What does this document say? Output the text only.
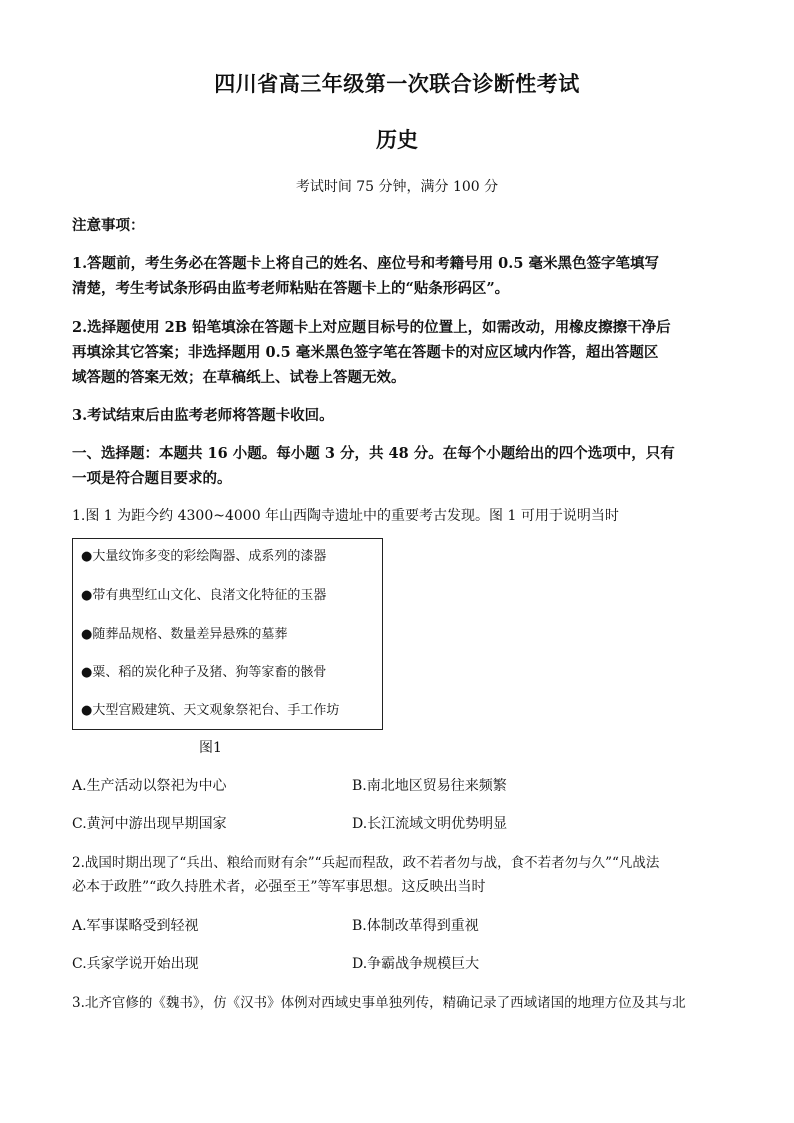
四川省高三年级第一次联合诊断性考试
历史
考试时间 75 分钟，满分 100 分
注意事项：
1.答题前，考生务必在答题卡上将自己的姓名、座位号和考籍号用 0.5 毫米黑色签字笔填写
清楚，考生考试条形码由监考老师粘贴在答题卡上的“贴条形码区”。
2.选择题使用 2B 铅笔填涂在答题卡上对应题目标号的位置上，如需改动，用橡皮擦擦干净后
再填涂其它答案；非选择题用 0.5 毫米黑色签字笔在答题卡的对应区域内作答，超出答题区
域答题的答案无效；在草稿纸上、试卷上答题无效。
3.考试结束后由监考老师将答题卡收回。
一、选择题：本题共 16 小题。每小题 3 分，共 48 分。在每个小题给出的四个选项中，只有
一项是符合题目要求的。
1.图 1 为距今约 4300~4000 年山西陶寺遗址中的重要考古发现。图 1 可用于说明当时
●大量纹饰多变的彩绘陶器、成系列的漆器
●带有典型红山文化、良渚文化特征的玉器
●随葬品规格、数量差异悬殊的墓葬
●粟、稻的炭化种子及猪、狗等家畜的骸骨
●大型宫殿建筑、天文观象祭祀台、手工作坊
图1
A.生产活动以祭祀为中心	B.南北地区贸易往来频繁
C.黄河中游出现早期国家	D.长江流域文明优势明显
2.战国时期出现了“兵出、粮给而财有余”“兵起而程敌，政不若者勿与战，食不若者勿与久”“凡战法
必本于政胜”“政久持胜术者，必强至王”等军事思想。这反映出当时
A.军事谋略受到轻视	B.体制改革得到重视
C.兵家学说开始出现	D.争霸战争规模巨大
3.北齐官修的《魏书》，仿《汉书》体例对西域史事单独列传，精确记录了西域诸国的地理方位及其与北
